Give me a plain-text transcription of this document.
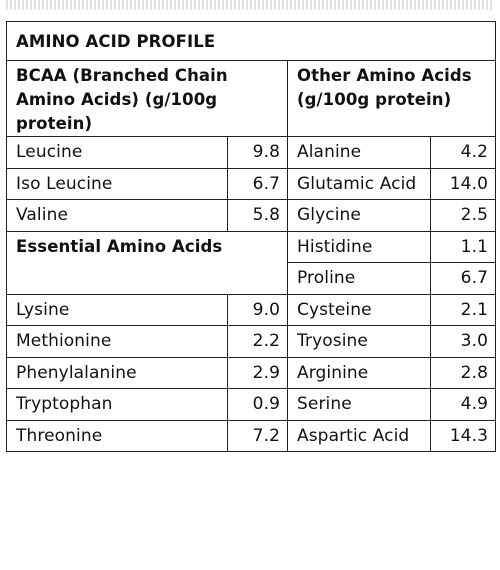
AMINO ACID PROFILE			
BCAA (Branched Chain Amino Acids) (g/100g protein)		Other Amino Acids (g/100g protein)	
Leucine	9.8	Alanine	4.2
Iso Leucine	6.7	Glutamic Acid	14.0
Valine	5.8	Glycine	2.5
Essential Amino Acids		Histidine	1.1
		Proline	6.7
Lysine	9.0	Cysteine	2.1
Methionine	2.2	Tryosine	3.0
Phenylalanine	2.9	Arginine	2.8
Tryptophan	0.9	Serine	4.9
Threonine	7.2	Aspartic Acid	14.3
